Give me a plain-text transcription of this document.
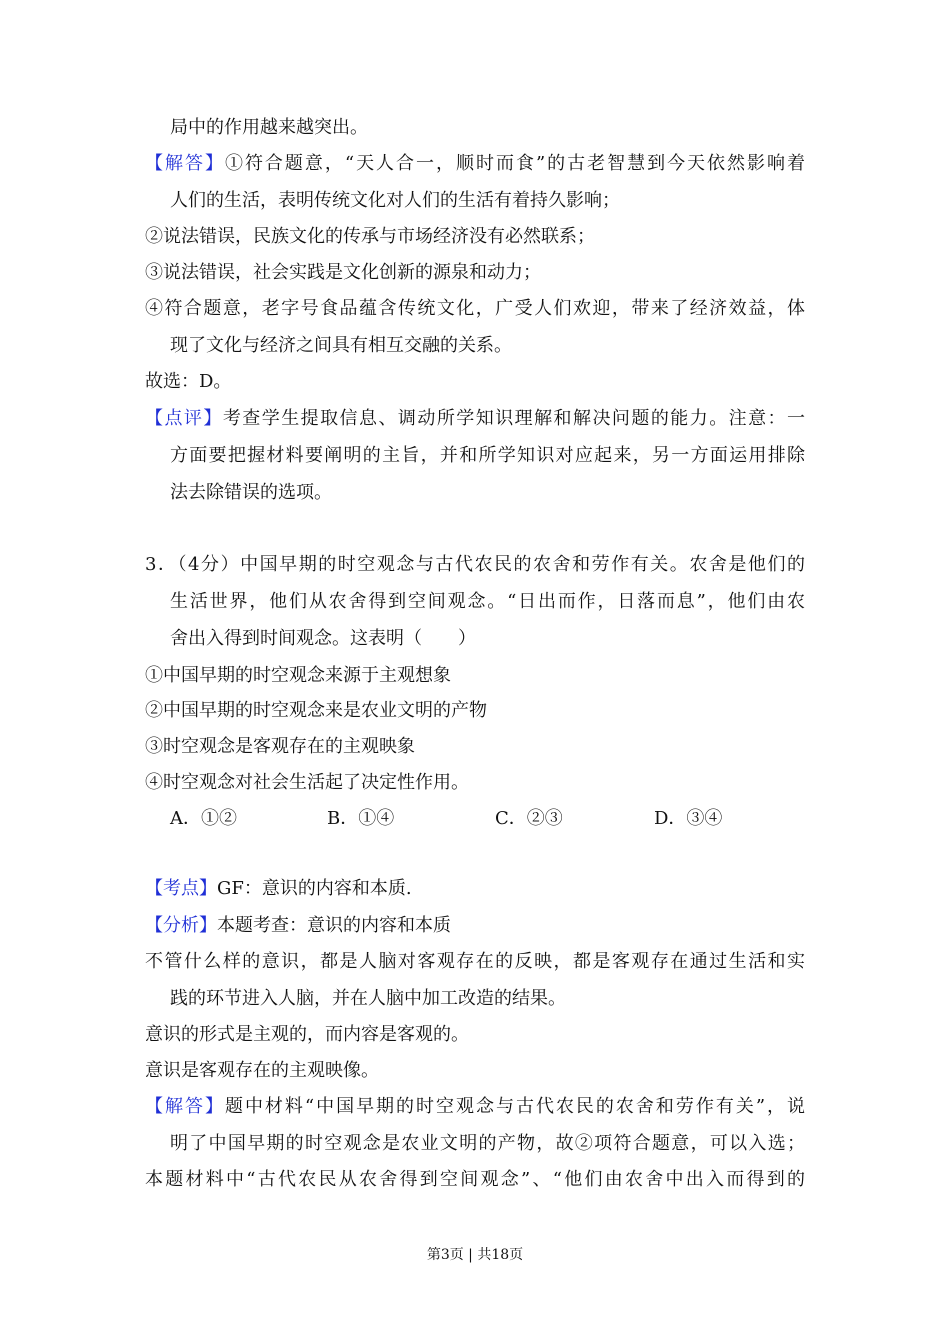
局中的作用越来越突出。
【解答】①符合题意，“天人合一，顺时而食”的古老智慧到今天依然影响着
人们的生活，表明传统文化对人们的生活有着持久影响；
②说法错误，民族文化的传承与市场经济没有必然联系；
③说法错误，社会实践是文化创新的源泉和动力；
④符合题意，老字号食品蕴含传统文化，广受人们欢迎，带来了经济效益，体
现了文化与经济之间具有相互交融的关系。
故选：D。
【点评】考查学生提取信息、调动所学知识理解和解决问题的能力。注意：一
方面要把握材料要阐明的主旨，并和所学知识对应起来，另一方面运用排除
法去除错误的选项。
3．（4分）中国早期的时空观念与古代农民的农舍和劳作有关。农舍是他们的
生活世界，他们从农舍得到空间观念。“日出而作，日落而息”，他们由农
舍出入得到时间观念。这表明（　　）
①中国早期的时空观念来源于主观想象
②中国早期的时空观念来是农业文明的产物
③时空观念是客观存在的主观映象
④时空观念对社会生活起了决定性作用。
A．①②	B．①④	C．②③	D．③④
【考点】GF：意识的内容和本质.
【分析】本题考查：意识的内容和本质
不管什么样的意识，都是人脑对客观存在的反映，都是客观存在通过生活和实
践的环节进入人脑，并在人脑中加工改造的结果。
意识的形式是主观的，而内容是客观的。
意识是客观存在的主观映像。
【解答】题中材料“中国早期的时空观念与古代农民的农舍和劳作有关”，说
明了中国早期的时空观念是农业文明的产物，故②项符合题意，可以入选；
本题材料中“古代农民从农舍得到空间观念”、“他们由农舍中出入而得到的
第3页 | 共18页
